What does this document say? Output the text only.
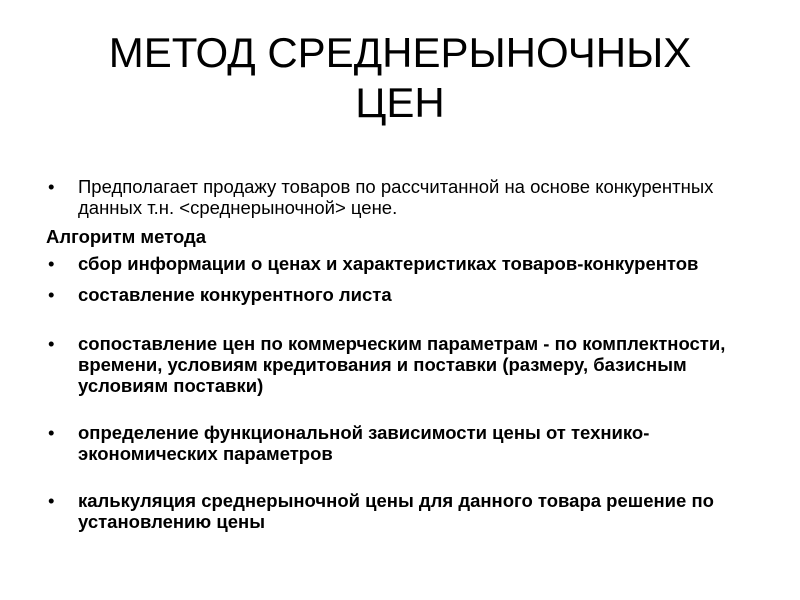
МЕТОД СРЕДНЕРЫНОЧНЫХ
ЦЕН
• Предполагает продажу товаров по рассчитанной на основе конкурентных данных т.н. <среднерыночной> цене.
Алгоритм метода
• сбор информации о ценах и характеристиках товаров-конкурентов
• составление конкурентного листа
• сопоставление цен по коммерческим параметрам - по комплектности, времени, условиям кредитования и поставки (размеру, базисным условиям поставки)
• определение функциональной зависимости цены от технико-экономических параметров
• калькуляция среднерыночной цены для данного товара решение по установлению цены
